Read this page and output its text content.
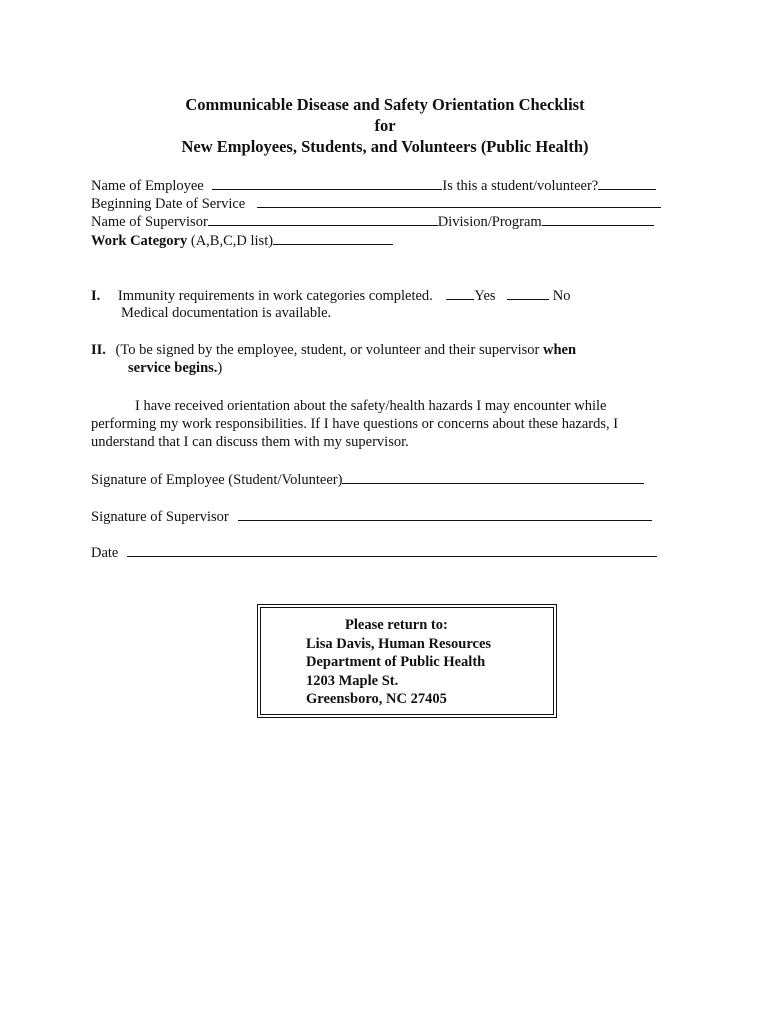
Communicable Disease and Safety Orientation Checklist
for
New Employees, Students, and Volunteers (Public Health)
Name of Employee	Is this a student/volunteer?
Beginning Date of Service
Name of Supervisor	Division/Program
Work Category (A,B,C,D list)
I. Immunity requirements in work categories completed.	Yes	No
Medical documentation is available.
II. (To be signed by the employee, student, or volunteer and their supervisor when
service begins.)
I have received orientation about the safety/health hazards I may encounter while
performing my work responsibilities. If I have questions or concerns about these hazards, I
understand that I can discuss them with my supervisor.
Signature of Employee (Student/Volunteer)
Signature of Supervisor
Date
Please return to:
Lisa Davis, Human Resources
Department of Public Health
1203 Maple St.
Greensboro, NC 27405
